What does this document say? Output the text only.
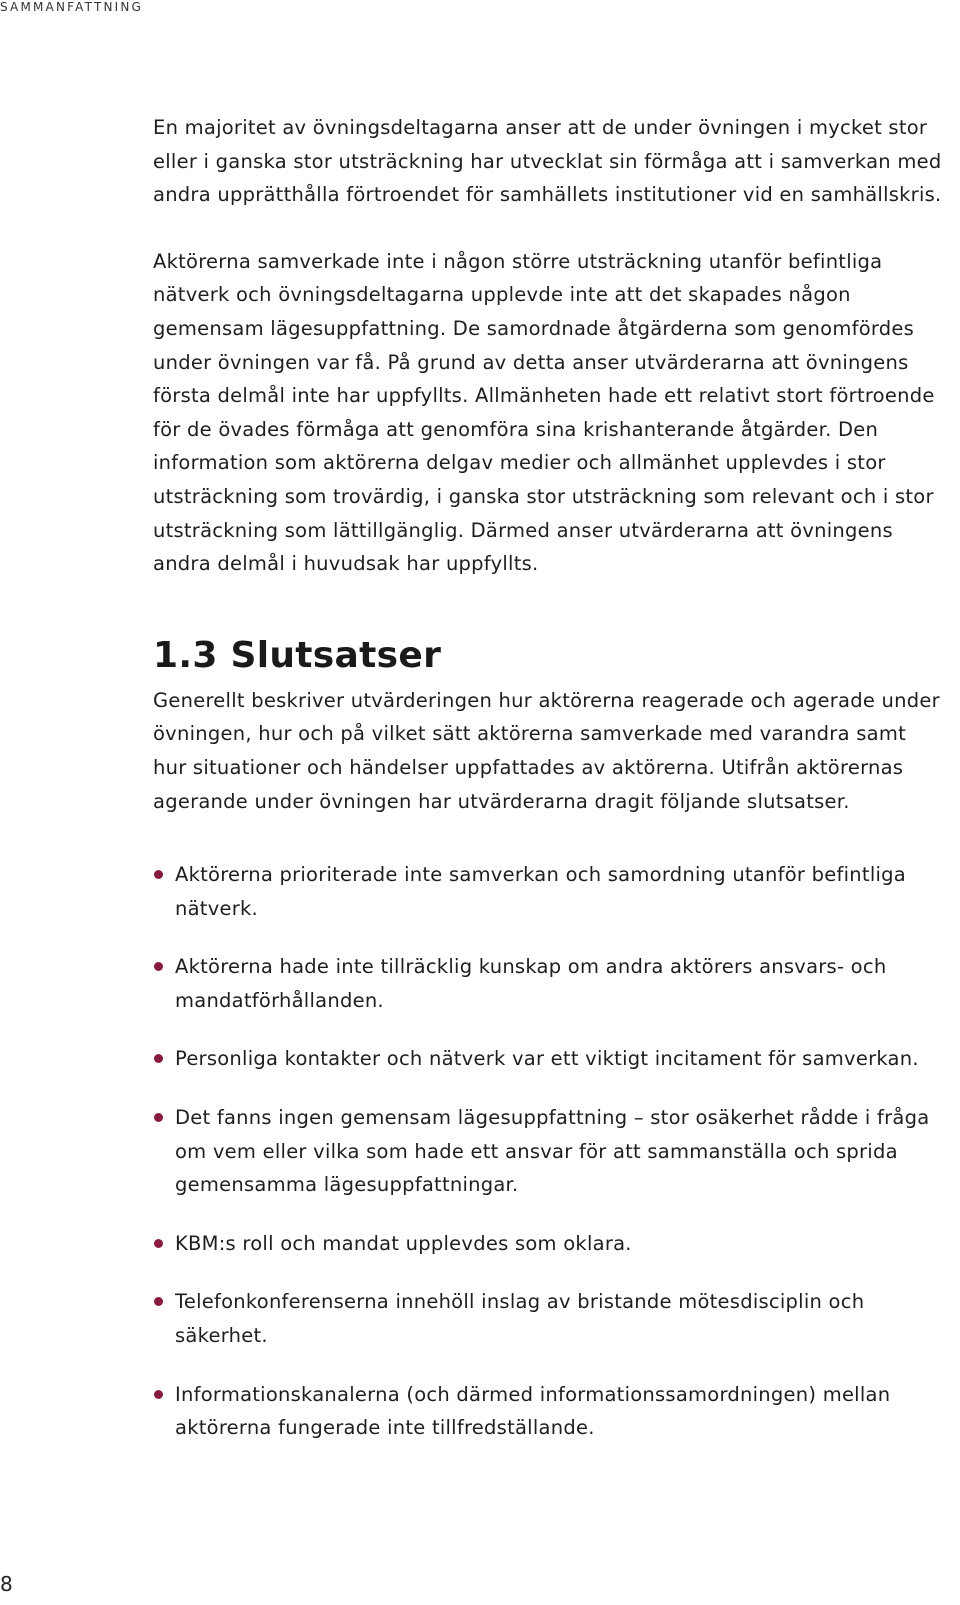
SAMMANFATTNING

En majoritet av övningsdeltagarna anser att de under övningen i mycket stor eller i ganska stor utsträckning har utvecklat sin förmåga att i samverkan med andra upprätthålla förtroendet för samhällets institutioner vid en samhällskris.

Aktörerna samverkade inte i någon större utsträckning utanför befintliga nätverk och övningsdeltagarna upplevde inte att det skapades någon gemensam lägesuppfattning. De samordnade åtgärderna som genomfördes under övningen var få. På grund av detta anser utvärderarna att övningens första delmål inte har uppfyllts. Allmänheten hade ett relativt stort förtroende för de övades förmåga att genomföra sina krishanterande åtgärder. Den information som aktörerna delgav medier och allmänhet upplevdes i stor utsträckning som trovärdig, i ganska stor utsträckning som relevant och i stor utsträckning som lättillgänglig. Därmed anser utvärderarna att övningens andra delmål i huvudsak har uppfyllts.

1.3 Slutsatser

Generellt beskriver utvärderingen hur aktörerna reagerade och agerade under övningen, hur och på vilket sätt aktörerna samverkade med varandra samt hur situationer och händelser uppfattades av aktörerna. Utifrån aktörernas agerande under övningen har utvärderarna dragit följande slutsatser.

Aktörerna prioriterade inte samverkan och samordning utanför befintliga nätverk.
Aktörerna hade inte tillräcklig kunskap om andra aktörers ansvars- och mandatförhållanden.
Personliga kontakter och nätverk var ett viktigt incitament för samverkan.
Det fanns ingen gemensam lägesuppfattning – stor osäkerhet rådde i fråga om vem eller vilka som hade ett ansvar för att sammanställa och sprida gemensamma lägesuppfattningar.
KBM:s roll och mandat upplevdes som oklara.
Telefonkonferenserna innehöll inslag av bristande mötesdisciplin och säkerhet.
Informationskanalerna (och därmed informationssamordningen) mellan aktörerna fungerade inte tillfredställande.
8
